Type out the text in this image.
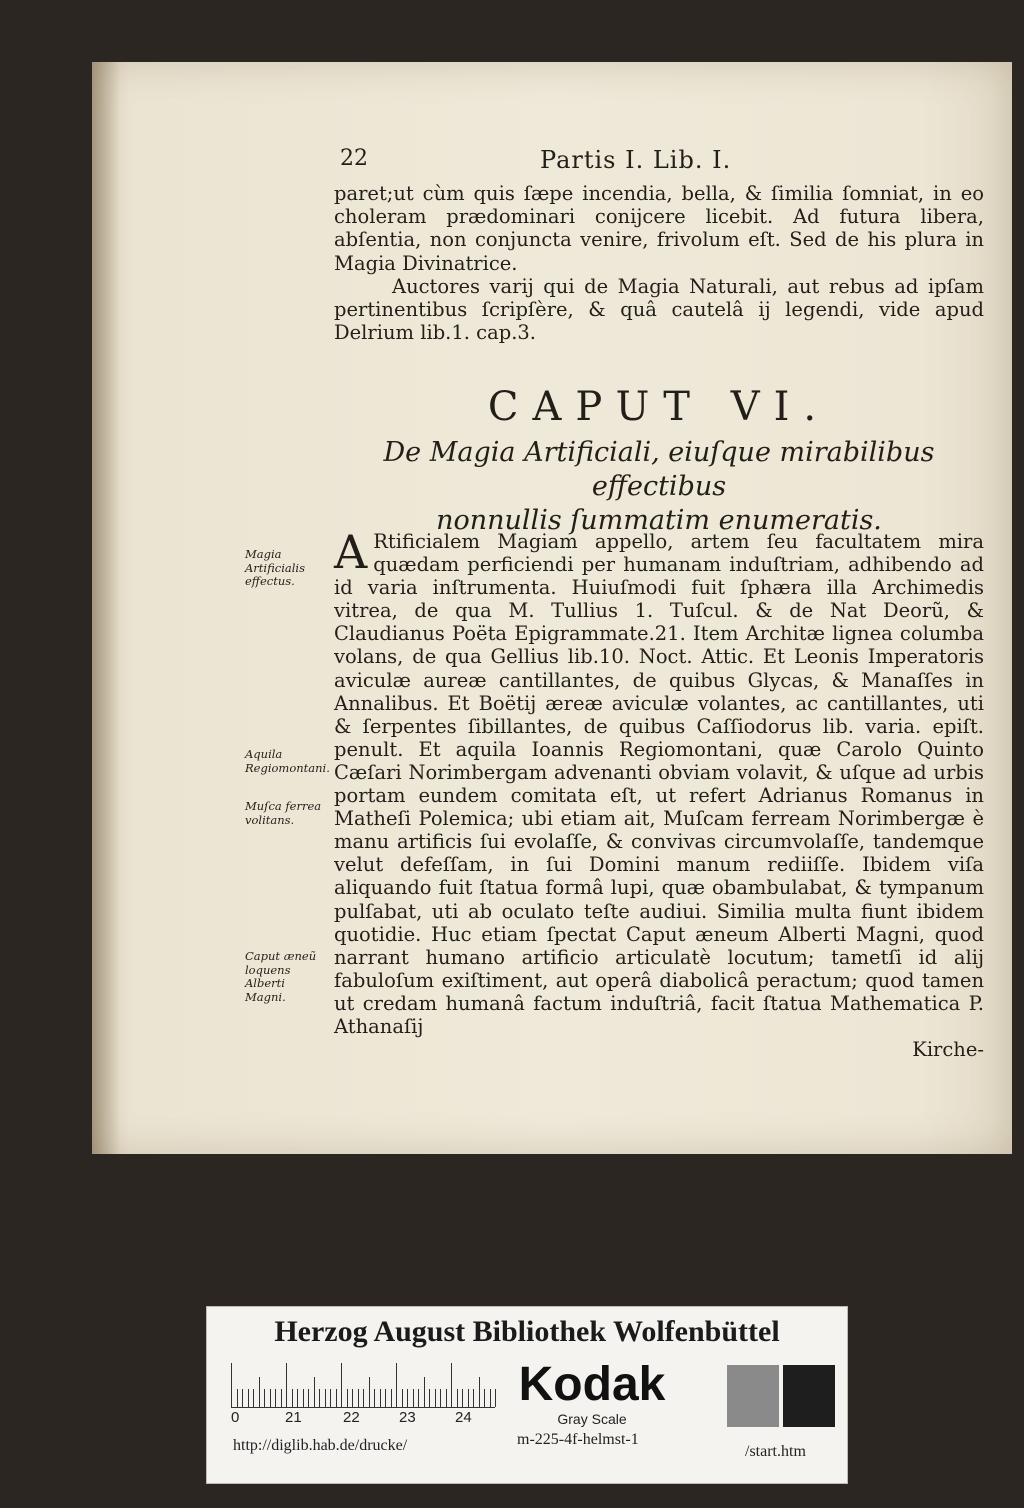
22	Partis I. Lib. I.

paret;ut cùm quis ſæpe incendia, bella, & ſimilia ſomniat, in eo choleram prædominari conijcere licebit. Ad futura libera, abſentia, non conjuncta venire, frivolum eſt. Sed de his plura in Magia Divinatrice.

Auctores varij qui de Magia Naturali, aut rebus ad ipſam pertinentibus ſcripſère, & quâ cautelâ ij legendi, vide apud Delrium lib.1. cap.3.

CAPUT VI.
De Magia Artificiali, eiuſque mirabilibus effectibus
nonnullis ſummatim enumeratis.
Magia Artificialis effectus.
Aquila Regiomontani.
Muſca ferrea volitans.
Caput æneũ loquens Alberti Magni.
A Rtificialem Magiam appello, artem ſeu facultatem mira quædam perficiendi per humanam induſtriam, adhibendo ad id varia inſtrumenta. Huiuſmodi fuit ſphæra illa Archimedis vitrea, de qua M. Tullius 1. Tuſcul. & de Nat Deorũ, & Claudianus Poëta Epigrammate.21. Item Architæ lignea columba volans, de qua Gellius lib.10. Noct. Attic. Et Leonis Imperatoris aviculæ aureæ cantillantes, de quibus Glycas, & Manaſſes in Annalibus. Et Boëtij æreæ aviculæ volantes, ac cantillantes, uti & ſerpentes ſibillantes, de quibus Caſſiodorus lib. varia. epiſt. penult. Et aquila Ioannis Regiomontani, quæ Carolo Quinto Cæſari Norimbergam advenanti obviam volavit, & uſque ad urbis portam eundem comitata eſt, ut refert Adrianus Romanus in Matheſi Polemica; ubi etiam ait, Muſcam ferream Norimbergæ è manu artificis ſui evolaſſe, & convivas circumvolaſſe, tandemque velut defeſſam, in ſui Domini manum rediiſſe. Ibidem viſa aliquando fuit ſtatua formâ lupi, quæ obambulabat, & tympanum pulſabat, uti ab oculato teſte audiui. Similia multa fiunt ibidem quotidie. Huc etiam ſpectat Caput æneum Alberti Magni, quod narrant humano artificio articulatè locutum; tametſi id alij fabuloſum exiſtiment, aut operâ diabolicâ peractum; quod tamen ut credam humanâ factum induſtriâ, facit ſtatua Mathematica P. Athanaſij
Kirche-
Herzog August Bibliothek Wolfenbüttel
0	21	22	23	24
Kodak
Gray Scale
http://diglib.hab.de/drucke/	m-225-4f-helmst-1
/start.htm
